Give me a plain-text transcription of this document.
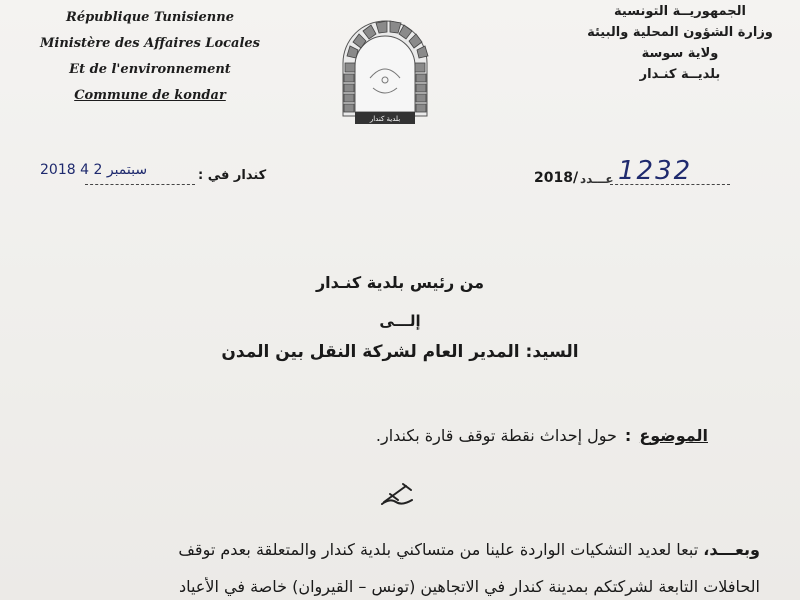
République Tunisienne
Ministère des Affaires Locales
Et de l'environnement
Commune de kondar
بلدية كندار
الجمهوريــة التونسية
وزارة الشؤون المحلية والبيئة
ولاية سوسة
بلديــة كنـدار
2018 سبتمبر 2 4	كندار في :	2018/ عـــدد 1232
من رئيس بلدية كنـدار
إلـــى
السيد: المدير العام لشركة النقل بين المدن
الموضوع:حول إحداث نقطة توقف قارة بكندار.
وبعـــد، تبعا لعديد التشكيات الواردة علينا من متساكني بلدية كندار والمتعلقة بعدم توقف
الحافلات التابعة لشركتكم بمدينة كندار في الاتجاهين (تونس – القيروان) خاصة في الأعياد
